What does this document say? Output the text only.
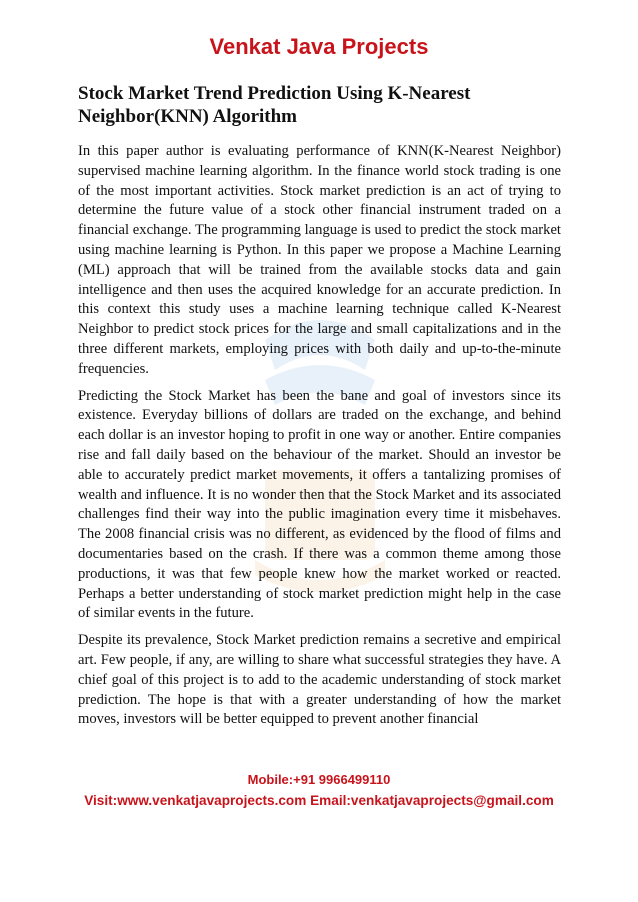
Venkat Java Projects
Stock Market Trend Prediction Using K-Nearest Neighbor(KNN) Algorithm

In this paper author is evaluating performance of KNN(K-Nearest Neighbor) supervised machine learning algorithm. In the finance world stock trading is one of the most important activities. Stock market prediction is an act of trying to determine the future value of a stock other financial instrument traded on a financial exchange. The programming language is used to predict the stock market using machine learning is Python. In this paper we propose a Machine Learning (ML) approach that will be trained from the available stocks data and gain intelligence and then uses the acquired knowledge for an accurate prediction. In this context this study uses a machine learning technique called K-Nearest Neighbor to predict stock prices for the large and small capitalizations and in the three different markets, employing prices with both daily and up-to-the-minute frequencies.

Predicting the Stock Market has been the bane and goal of investors since its existence. Everyday billions of dollars are traded on the exchange, and behind each dollar is an investor hoping to profit in one way or another. Entire companies rise and fall daily based on the behaviour of the market. Should an investor be able to accurately predict market movements, it offers a tantalizing promises of wealth and influence. It is no wonder then that the Stock Market and its associated challenges find their way into the public imagination every time it misbehaves. The 2008 financial crisis was no different, as evidenced by the flood of films and documentaries based on the crash. If there was a common theme among those productions, it was that few people knew how the market worked or reacted. Perhaps a better understanding of stock market prediction might help in the case of similar events in the future.

Despite its prevalence, Stock Market prediction remains a secretive and empirical art. Few people, if any, are willing to share what successful strategies they have. A chief goal of this project is to add to the academic understanding of stock market prediction. The hope is that with a greater understanding of how the market moves, investors will be better equipped to prevent another financial

Mobile:+91 9966499110
Visit:www.venkatjavaprojects.com Email:venkatjavaprojects@gmail.com
